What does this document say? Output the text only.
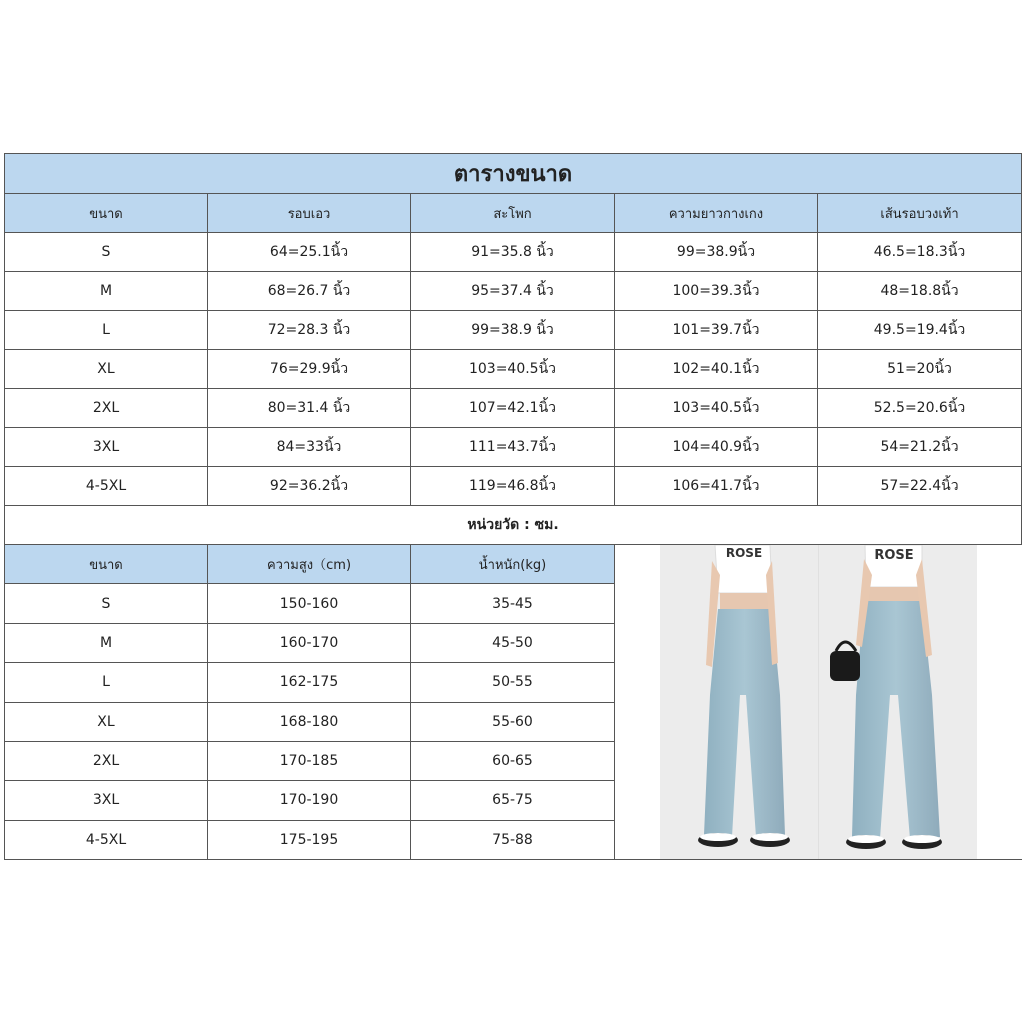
ตารางขนาด				
ขนาด	รอบเอว	สะโพก	ความยาวกางเกง	เส้นรอบวงเท้า
S	64=25.1นิ้ว	91=35.8 นิ้ว	99=38.9นิ้ว	46.5=18.3นิ้ว
M	68=26.7 นิ้ว	95=37.4 นิ้ว	100=39.3นิ้ว	48=18.8นิ้ว
L	72=28.3 นิ้ว	99=38.9 นิ้ว	101=39.7นิ้ว	49.5=19.4นิ้ว
XL	76=29.9นิ้ว	103=40.5นิ้ว	102=40.1นิ้ว	51=20นิ้ว
2XL	80=31.4 นิ้ว	107=42.1นิ้ว	103=40.5นิ้ว	52.5=20.6นิ้ว
3XL	84=33นิ้ว	111=43.7นิ้ว	104=40.9นิ้ว	54=21.2นิ้ว
4-5XL	92=36.2นิ้ว	119=46.8นิ้ว	106=41.7นิ้ว	57=22.4นิ้ว
หน่วยวัด : ซม.				
ขนาด	ความสูง（cm)	น้ำหนัก(kg)	ROSE ROSE	

S	150-160	35-45		
M	160-170	45-50		
L	162-175	50-55		
XL	168-180	55-60		
2XL	170-185	60-65		
3XL	170-190	65-75		
4-5XL	175-195	75-88		
